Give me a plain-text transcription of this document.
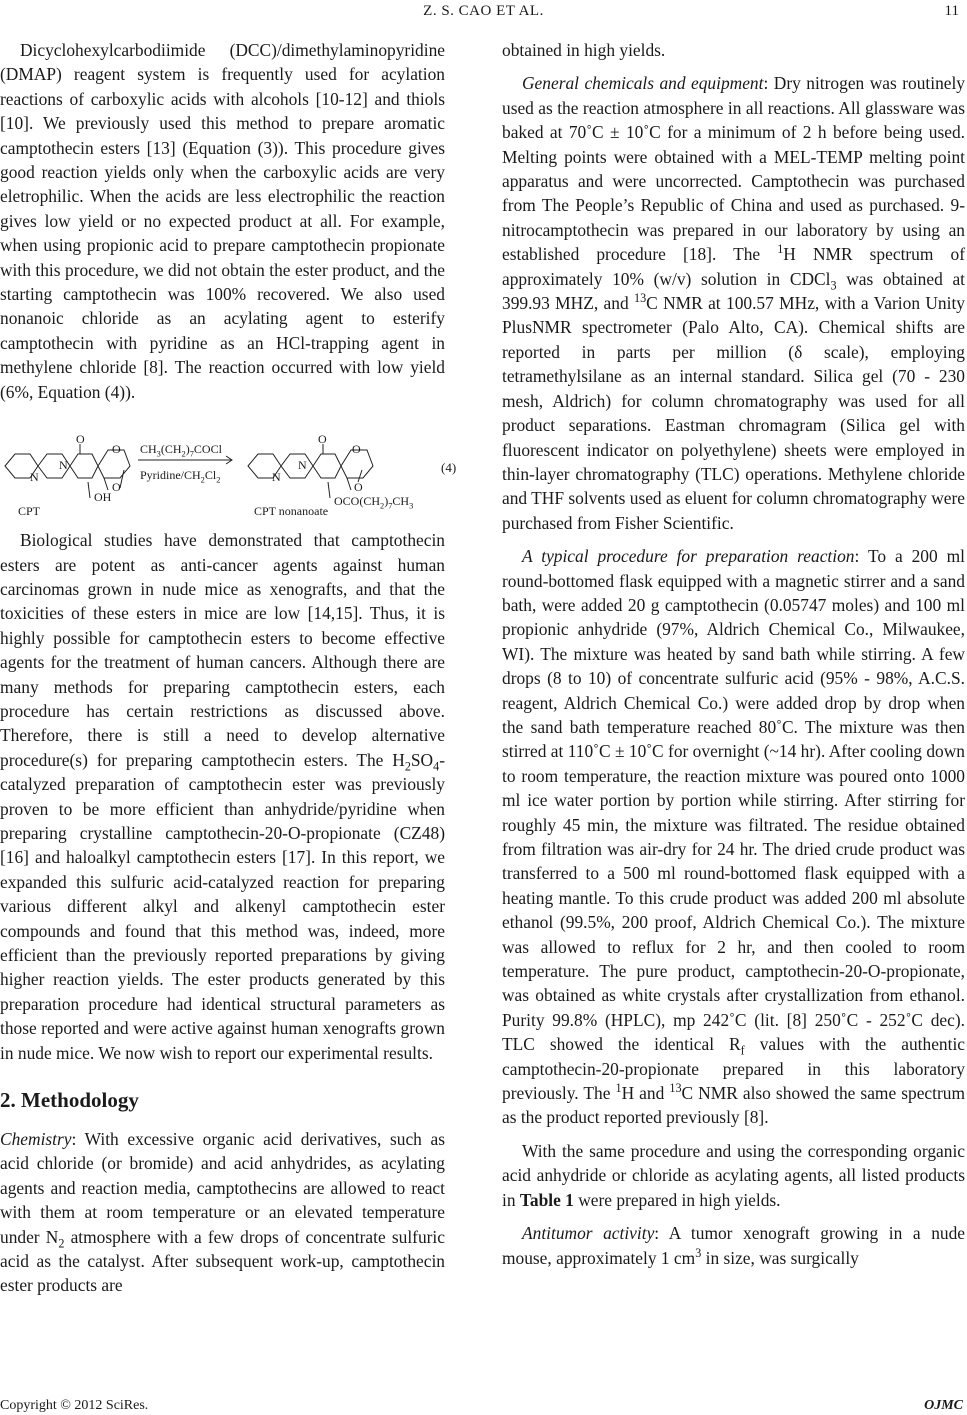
Z. S. CAO ET AL.	11

Dicyclohexylcarbodiimide (DCC)/dimethylaminopyridine (DMAP) reagent system is frequently used for acylation reactions of carboxylic acids with alcohols [10-12] and thiols [10]. We previously used this method to prepare aromatic camptothecin esters [13] (Equation (3)). This procedure gives good reaction yields only when the carboxylic acids are very eletrophilic. When the acids are less electrophilic the reaction gives low yield or no expected product at all. For example, when using propionic acid to prepare camptothecin propionate with this procedure, we did not obtain the ester product, and the starting camptothecin was 100% recovered. We also used nonanoic chloride as an acylating agent to esterify camptothecin with pyridine as an HCl-trapping agent in methylene chloride [8]. The reaction occurred with low yield (6%, Equation (4)).

N
N
O
O
O
OH
$CH_3(CH_2)_7COCl$
Pyridine/$CH_2Cl_2$
N
N
O
O
O
$OCO(CH_2)_7CH_3$
CPT	CPT nonanoate
(4)

Biological studies have demonstrated that camptothecin esters are potent as anti-cancer agents against human carcinomas grown in nude mice as xenografts, and that the toxicities of these esters in mice are low [14,15]. Thus, it is highly possible for camptothecin esters to become effective agents for the treatment of human cancers. Although there are many methods for preparing camptothecin esters, each procedure has certain restrictions as discussed above. Therefore, there is still a need to develop alternative procedure(s) for preparing camptothecin esters. The $H_2SO_4$-catalyzed preparation of camptothecin ester was previously proven to be more efficient than anhydride/pyridine when preparing crystalline camptothecin-20-O-propionate (CZ48) [16] and haloalkyl camptothecin esters [17]. In this report, we expanded this sulfuric acid-catalyzed reaction for preparing various different alkyl and alkenyl camptothecin ester compounds and found that this method was, indeed, more efficient than the previously reported preparations by giving higher reaction yields. The ester products generated by this preparation procedure had identical structural parameters as those reported and were active against human xenografts grown in nude mice. We now wish to report our experimental results.

2. Methodology

Chemistry: With excessive organic acid derivatives, such as acid chloride (or bromide) and acid anhydrides, as acylating agents and reaction media, camptothecins are allowed to react with them at room temperature or an elevated temperature under $N_2$ atmosphere with a few drops of concentrate sulfuric acid as the catalyst. After subsequent work-up, camptothecin ester products are

obtained in high yields.

General chemicals and equipment: Dry nitrogen was routinely used as the reaction atmosphere in all reactions. All glassware was baked at 70˚C ± 10˚C for a minimum of 2 h before being used. Melting points were obtained with a MEL-TEMP melting point apparatus and were uncorrected. Camptothecin was purchased from The People’s Republic of China and used as purchased. 9-nitrocamptothecin was prepared in our laboratory by using an established procedure [18]. The $^1$H NMR spectrum of approximately 10% (w/v) solution in CDCl$_3$ was obtained at 399.93 MHZ, and $^{13}$C NMR at 100.57 MHz, with a Varion Unity PlusNMR spectrometer (Palo Alto, CA). Chemical shifts are reported in parts per million (δ scale), employing tetramethylsilane as an internal standard. Silica gel (70 - 230 mesh, Aldrich) for column chromatography was used for all product separations. Eastman chromagram (Silica gel with fluorescent indicator on polyethylene) sheets were employed in thin-layer chromatography (TLC) operations. Methylene chloride and THF solvents used as eluent for column chromatography were purchased from Fisher Scientific.

A typical procedure for preparation reaction: To a 200 ml round-bottomed flask equipped with a magnetic stirrer and a sand bath, were added 20 g camptothecin (0.05747 moles) and 100 ml propionic anhydride (97%, Aldrich Chemical Co., Milwaukee, WI). The mixture was heated by sand bath while stirring. A few drops (8 to 10) of concentrate sulfuric acid (95% - 98%, A.C.S. reagent, Aldrich Chemical Co.) were added drop by drop when the sand bath temperature reached 80˚C. The mixture was then stirred at 110˚C ± 10˚C for overnight (~14 hr). After cooling down to room temperature, the reaction mixture was poured onto 1000 ml ice water portion by portion while stirring. After stirring for roughly 45 min, the mixture was filtrated. The residue obtained from filtration was air-dry for 24 hr. The dried crude product was transferred to a 500 ml round-bottomed flask equipped with a heating mantle. To this crude product was added 200 ml absolute ethanol (99.5%, 200 proof, Aldrich Chemical Co.). The mixture was allowed to reflux for 2 hr, and then cooled to room temperature. The pure product, camptothecin-20-O-propionate, was obtained as white crystals after crystallization from ethanol. Purity 99.8% (HPLC), mp 242˚C (lit. [8] 250˚C - 252˚C dec). TLC showed the identical $R_f$ values with the authentic camptothecin-20-propionate prepared in this laboratory previously. The $^1$H and $^{13}$C NMR also showed the same spectrum as the product reported previously [8].

With the same procedure and using the corresponding organic acid anhydride or chloride as acylating agents, all listed products in Table 1 were prepared in high yields.

Antitumor activity: A tumor xenograft growing in a nude mouse, approximately 1 $cm^3$ in size, was surgically

Copyright © 2012 SciRes.	OJMC
